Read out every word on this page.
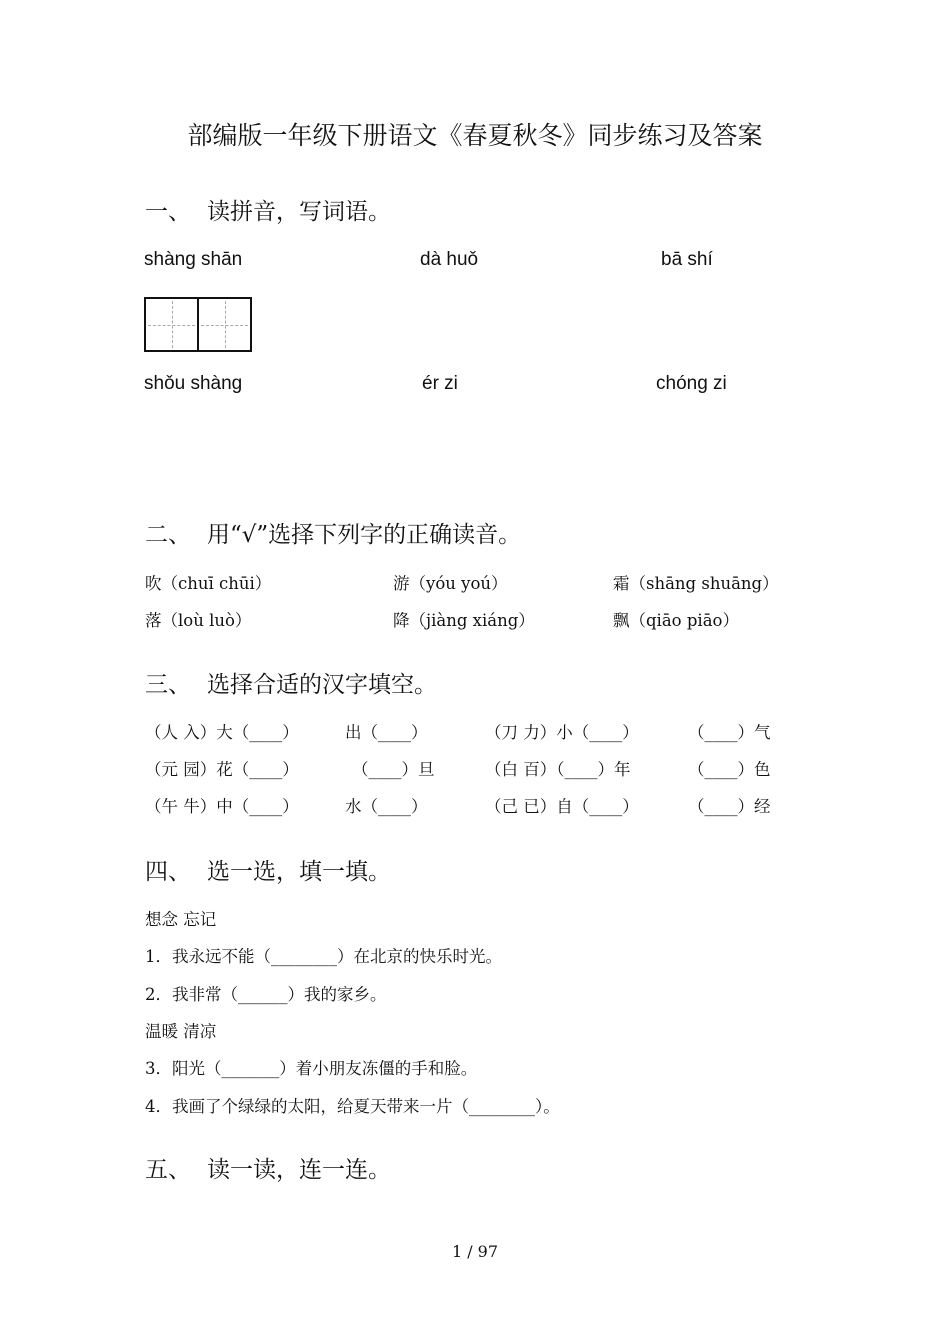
部编版一年级下册语文《春夏秋冬》同步练习及答案
一、 读拼音，写词语。
shàng shān	dà huǒ	bā shí
shǒu shàng	ér zi	chóng zi
二、 用“√”选择下列字的正确读音。
吹（chuī chūi）	游（yóu yoú）	霜（shāng shuāng）
落（loù luò）	降（jiàng xiáng）	飘（qiāo piāo）
三、 选择合适的汉字填空。
（人 入）大（____）	出（____）	（刀 力）小（____）	（____）气
（元 园）花（____）	（____）旦	（白 百）（____）年	（____）色
（午 牛）中（____）	水（____）	（己 已）自（____）	（____）经
四、 选一选，填一填。
想念 忘记
1．我永远不能（________）在北京的快乐时光。
2．我非常（______）我的家乡。
温暖 清凉
3．阳光（_______）着小朋友冻僵的手和脸。
4．我画了个绿绿的太阳，给夏天带来一片（________）。
五、 读一读，连一连。
1 / 97
